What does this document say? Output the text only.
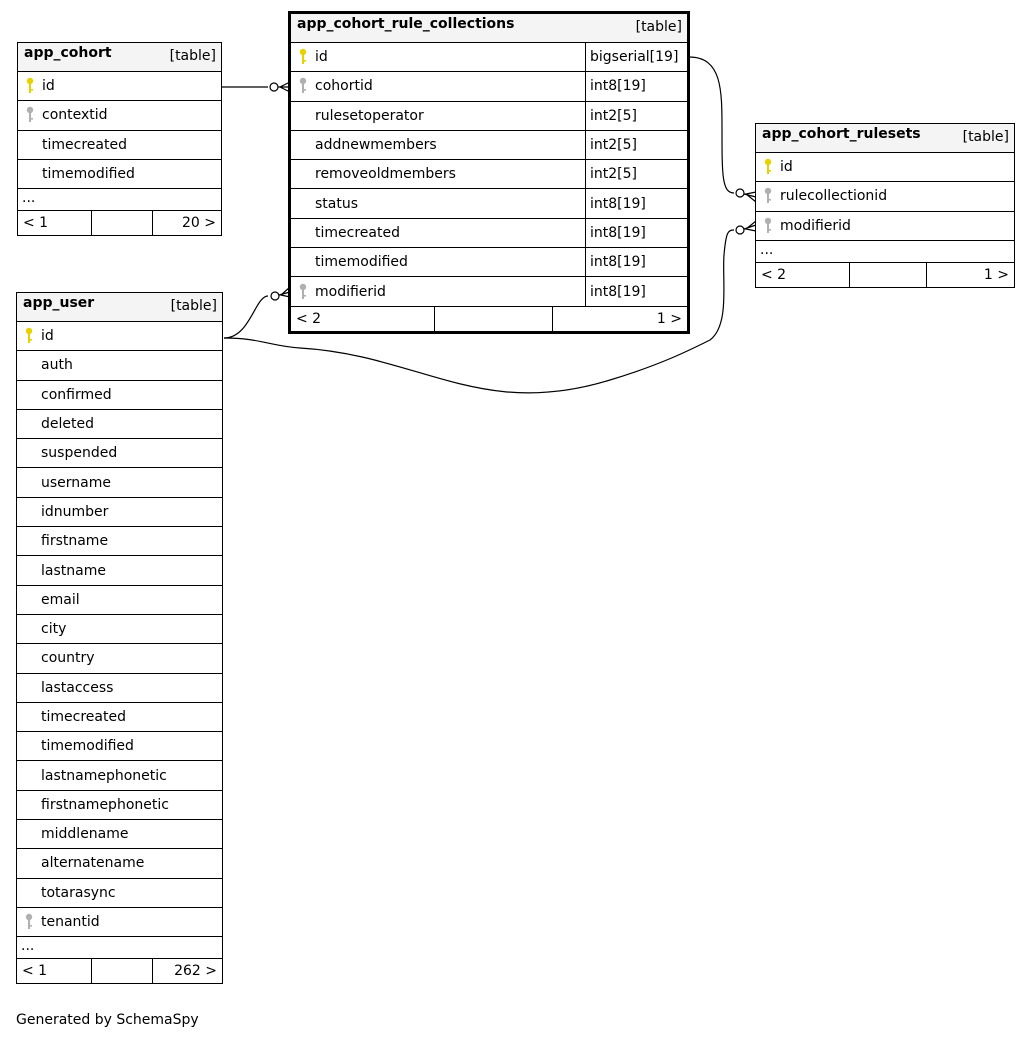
app_cohort	[table]
id
contextid
timecreated
timemodified
...
< 1	20 >
app_cohort_rule_collections	[table]
id	bigserial[19]
cohortid	int8[19]
rulesetoperator	int2[5]
addnewmembers	int2[5]
removeoldmembers	int2[5]
status	int8[19]
timecreated	int8[19]
timemodified	int8[19]
modifierid	int8[19]
< 2	1 >
app_cohort_rulesets	[table]
id
rulecollectionid
modifierid
...
< 2	1 >
app_user	[table]
id
auth
confirmed
deleted
suspended
username
idnumber
firstname
lastname
email
city
country
lastaccess
timecreated
timemodified
lastnamephonetic
firstnamephonetic
middlename
alternatename
totarasync
tenantid
...
< 1	262 >
Generated by SchemaSpy
